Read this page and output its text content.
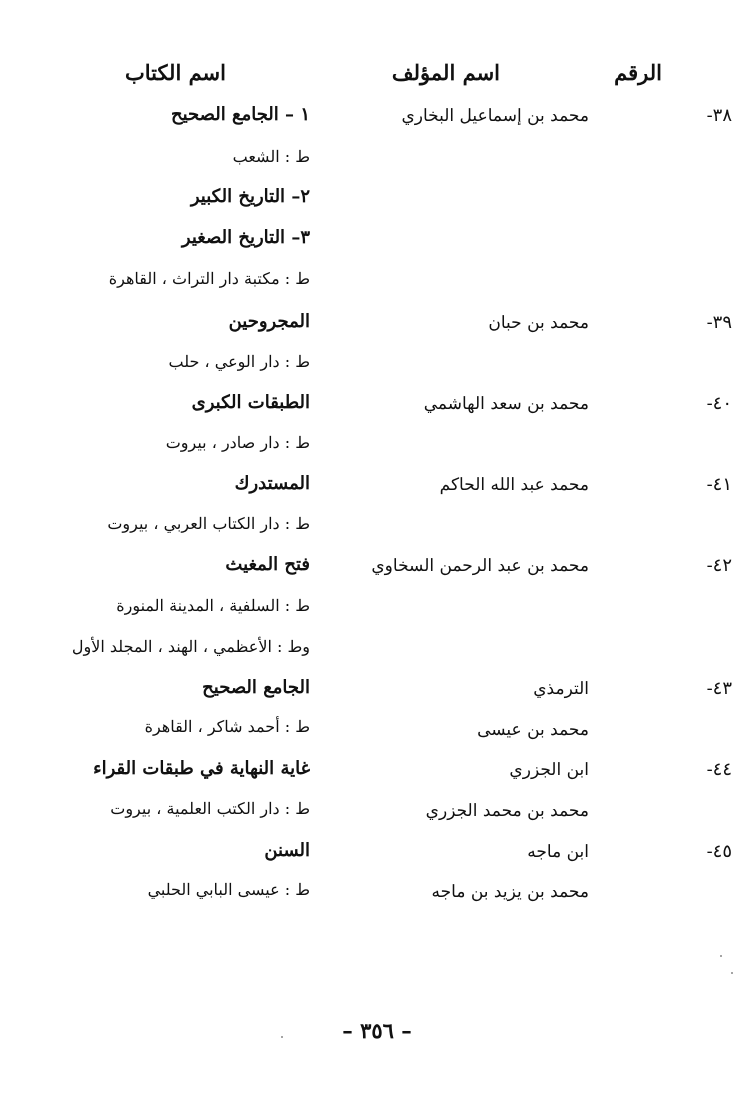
الرقم
اسم المؤلف
اسم الكتاب
٣٨-
محمد بن إسماعيل البخاري
١ – الجامع الصحيح
ط : الشعب
٢– التاريخ الكبير
٣– التاريخ الصغير
ط : مكتبة دار التراث ، القاهرة
٣٩-
محمد بن حبان
المجروحين
ط : دار الوعي ، حلب
٤٠-
محمد بن سعد الهاشمي
الطبقات الكبرى
ط : دار صادر ، بيروت
٤١-
محمد عبد الله الحاكم
المستدرك
ط : دار الكتاب العربي ، بيروت
٤٢-
محمد بن عبد الرحمن السخاوي
فتح المغيث
ط : السلفية ، المدينة المنورة
وط : الأعظمي ، الهند ، المجلد الأول
٤٣-
الترمذي
محمد بن عيسى
الجامع الصحيح
ط : أحمد شاكر ، القاهرة
٤٤-
ابن الجزري
محمد بن محمد الجزري
غاية النهاية في طبقات القراء
ط : دار الكتب العلمية ، بيروت
٤٥-
ابن ماجه
محمد بن يزيد بن ماجه
السنن
ط : عيسى البابي الحلبي
– ٣٥٦ –
